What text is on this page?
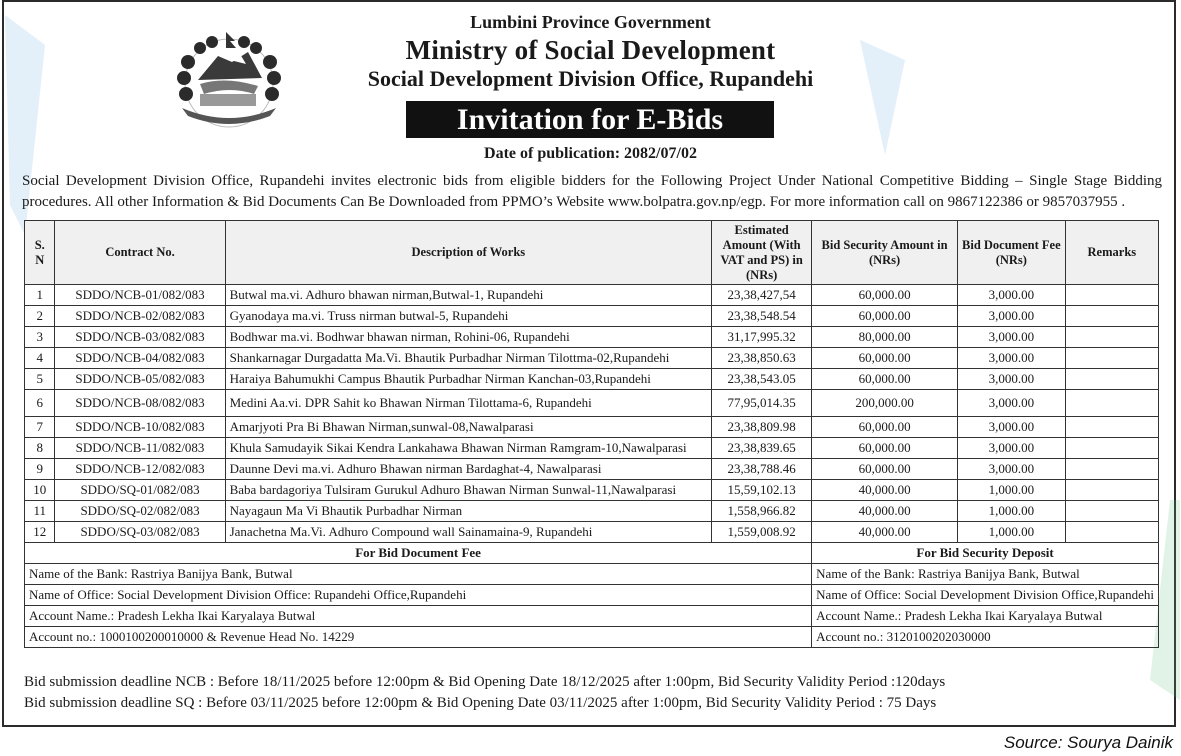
Lumbini Province Government
Ministry of Social Development
Social Development Division Office, Rupandehi
Invitation for E-Bids
Date of publication: 2082/07/02
Social Development Division Office, Rupandehi invites electronic bids from eligible bidders for the Following Project Under National Competitive Bidding – Single Stage Bidding procedures. All other Information & Bid Documents Can Be Downloaded from PPMO’s Website www.bolpatra.gov.np/egp. For more information call on 9867122386 or 9857037955 .
S. N	Contract No.	Description of Works	Estimated Amount (With VAT and PS) in (NRs)	Bid Security Amount in (NRs)	Bid Document Fee (NRs)	Remarks
1	SDDO/NCB-01/082/083	Butwal ma.vi. Adhuro bhawan nirman,Butwal-1, Rupandehi	23,38,427,54	60,000.00	3,000.00	
2	SDDO/NCB-02/082/083	Gyanodaya ma.vi. Truss nirman butwal-5, Rupandehi	23,38,548.54	60,000.00	3,000.00	
3	SDDO/NCB-03/082/083	Bodhwar ma.vi. Bodhwar bhawan nirman, Rohini-06, Rupandehi	31,17,995.32	80,000.00	3,000.00	
4	SDDO/NCB-04/082/083	Shankarnagar Durgadatta Ma.Vi. Bhautik Purbadhar Nirman Tilottma-02,Rupandehi	23,38,850.63	60,000.00	3,000.00	
5	SDDO/NCB-05/082/083	Haraiya Bahumukhi Campus Bhautik Purbadhar Nirman Kanchan-03,Rupandehi	23,38,543.05	60,000.00	3,000.00	
6	SDDO/NCB-08/082/083	Medini Aa.vi. DPR Sahit ko Bhawan Nirman Tilottama-6, Rupandehi	77,95,014.35	200,000.00	3,000.00	
7	SDDO/NCB-10/082/083	Amarjyoti Pra Bi Bhawan Nirman,sunwal-08,Nawalparasi	23,38,809.98	60,000.00	3,000.00	
8	SDDO/NCB-11/082/083	Khula Samudayik Sikai Kendra Lankahawa Bhawan Nirman Ramgram-10,Nawalparasi	23,38,839.65	60,000.00	3,000.00	
9	SDDO/NCB-12/082/083	Daunne Devi ma.vi. Adhuro Bhawan nirman Bardaghat-4, Nawalparasi	23,38,788.46	60,000.00	3,000.00	
10	SDDO/SQ-01/082/083	Baba bardagoriya Tulsiram Gurukul Adhuro Bhawan Nirman Sunwal-11,Nawalparasi	15,59,102.13	40,000.00	1,000.00	
11	SDDO/SQ-02/082/083	Nayagaun Ma Vi Bhautik Purbadhar Nirman	1,558,966.82	40,000.00	1,000.00	
12	SDDO/SQ-03/082/083	Janachetna Ma.Vi. Adhuro Compound wall Sainamaina-9, Rupandehi	1,559,008.92	40,000.00	1,000.00	
For Bid Document Fee				For Bid Security Deposit		
Name of the Bank: Rastriya Banijya Bank, Butwal				Name of the Bank: Rastriya Banijya Bank, Butwal		
Name of Office: Social Development Division Office: Rupandehi Office,Rupandehi				Name of Office: Social Development Division Office,Rupandehi		
Account Name.: Pradesh Lekha Ikai Karyalaya Butwal				Account Name.: Pradesh Lekha Ikai Karyalaya Butwal		
Account no.: 1000100200010000 & Revenue Head No. 14229				Account no.: 3120100202030000		
Bid submission deadline NCB : Before 18/11/2025 before 12:00pm & Bid Opening Date 18/12/2025 after 1:00pm, Bid Security Validity Period :120days
Bid submission deadline SQ : Before 03/11/2025 before 12:00pm & Bid Opening Date 03/11/2025 after 1:00pm, Bid Security Validity Period : 75 Days
Source: Sourya Dainik
